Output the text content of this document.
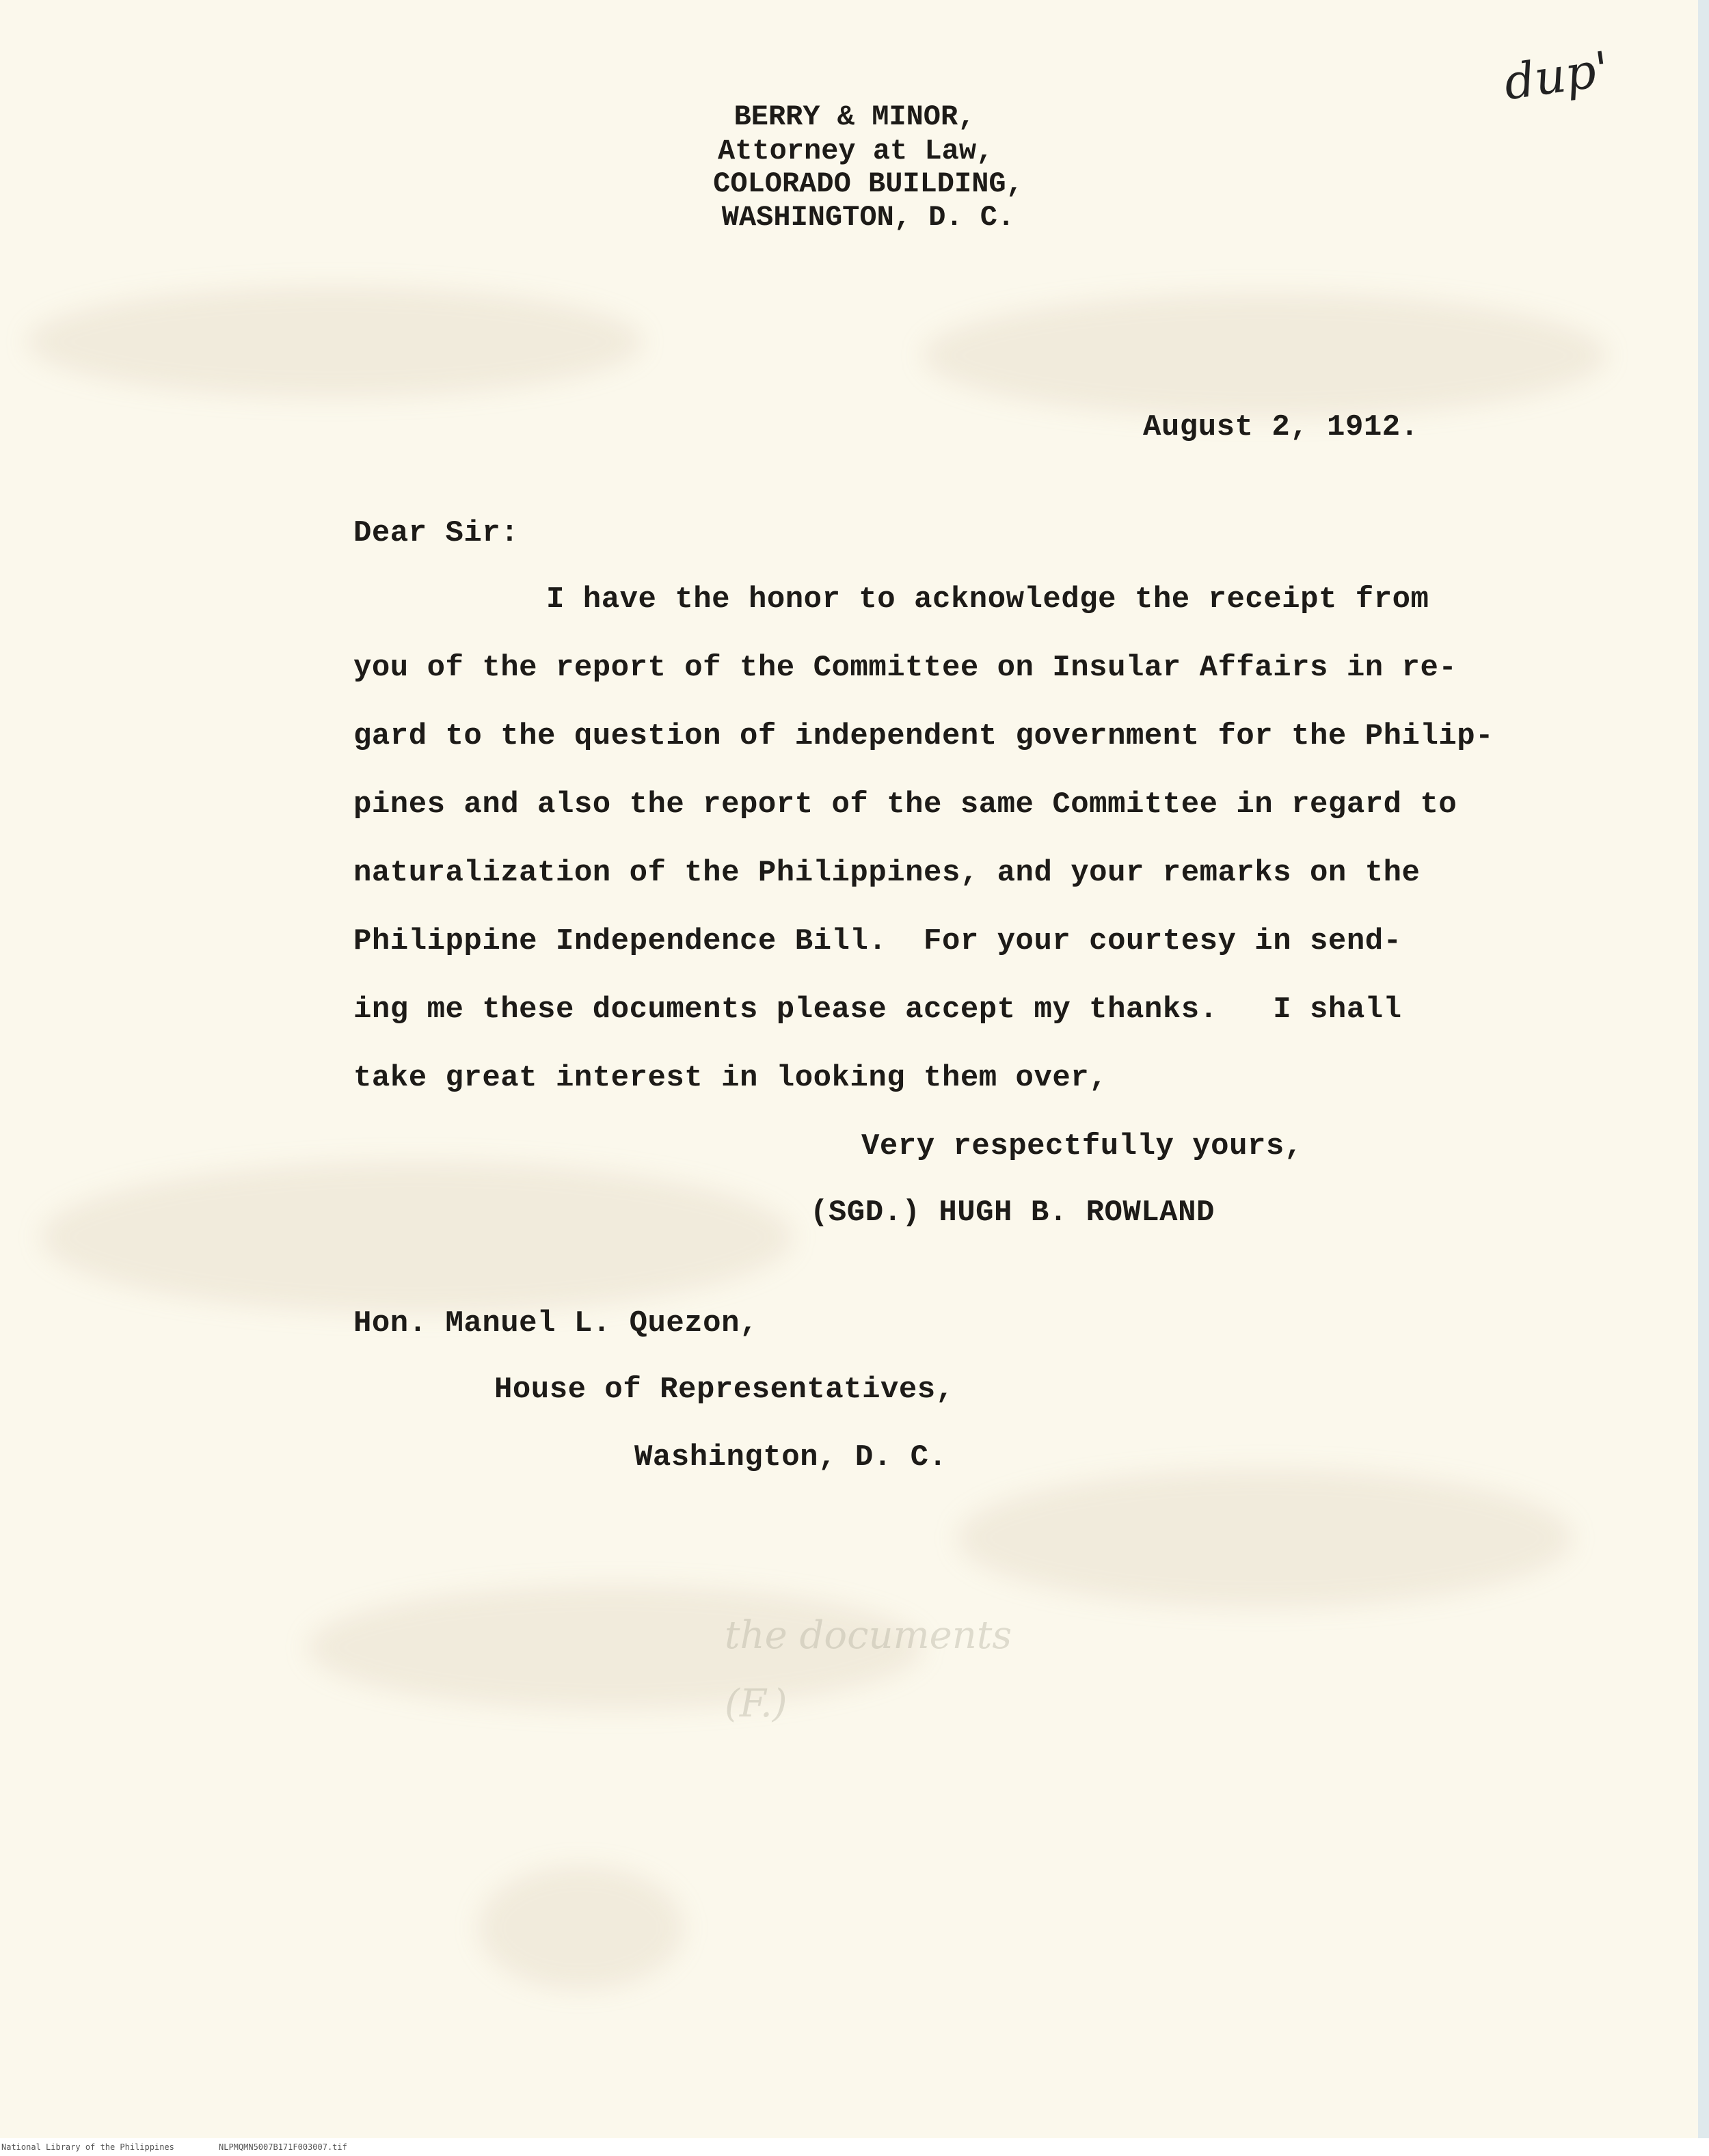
dup'
BERRY & MINOR,
Attorney at Law,
COLORADO BUILDING,
WASHINGTON, D. C.
August 2, 1912.
Dear Sir:
I have the honor to acknowledge the receipt from
you of the report of the Committee on Insular Affairs in re-
gard to the question of independent government for the Philip-
pines and also the report of the same Committee in regard to
naturalization of the Philippines, and your remarks on the
Philippine Independence Bill.  For your courtesy in send-
ing me these documents please accept my thanks.   I shall
take great interest in looking them over,
Very respectfully yours,
(SGD.) HUGH B. ROWLAND
Hon. Manuel L. Quezon,
House of Representatives,
Washington, D. C.
the documents
(F.)
National Library of the Philippines	NLPMQMN5007B171F003007.tif
